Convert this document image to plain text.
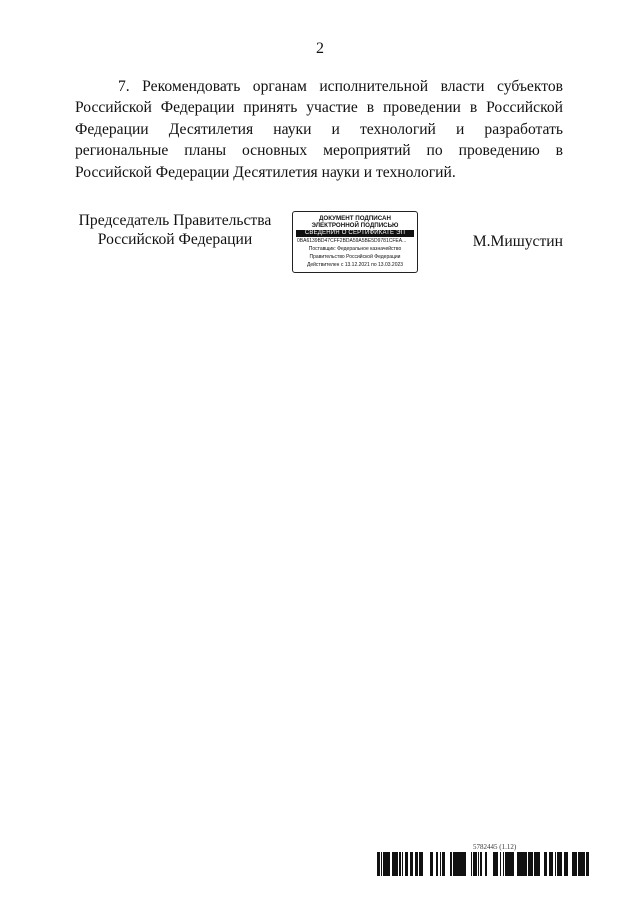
2

7. Рекомендовать органам исполнительной власти субъектов Российской Федерации принять участие в проведении в Российской Федерации Десятилетия науки и технологий и разработать региональные планы основных мероприятий по проведению в Российской Федерации Десятилетия науки и технологий.

Председатель Правительства
Российской Федерации
ДОКУМЕНТ ПОДПИСАН
ЭЛЕКТРОННОЙ ПОДПИСЬЮ
СВЕДЕНИЯ О СЕРТИФИКАТЕ ЭП
0BA6139BD47CFF2BDA59A5BE5D9781CFEA...
Поставщик: Федеральное казначейство
Правительство Российской Федерации
Действителен с 13.12.2021 по 13.03.2023
М.Мишустин
5782445 (1.12)
